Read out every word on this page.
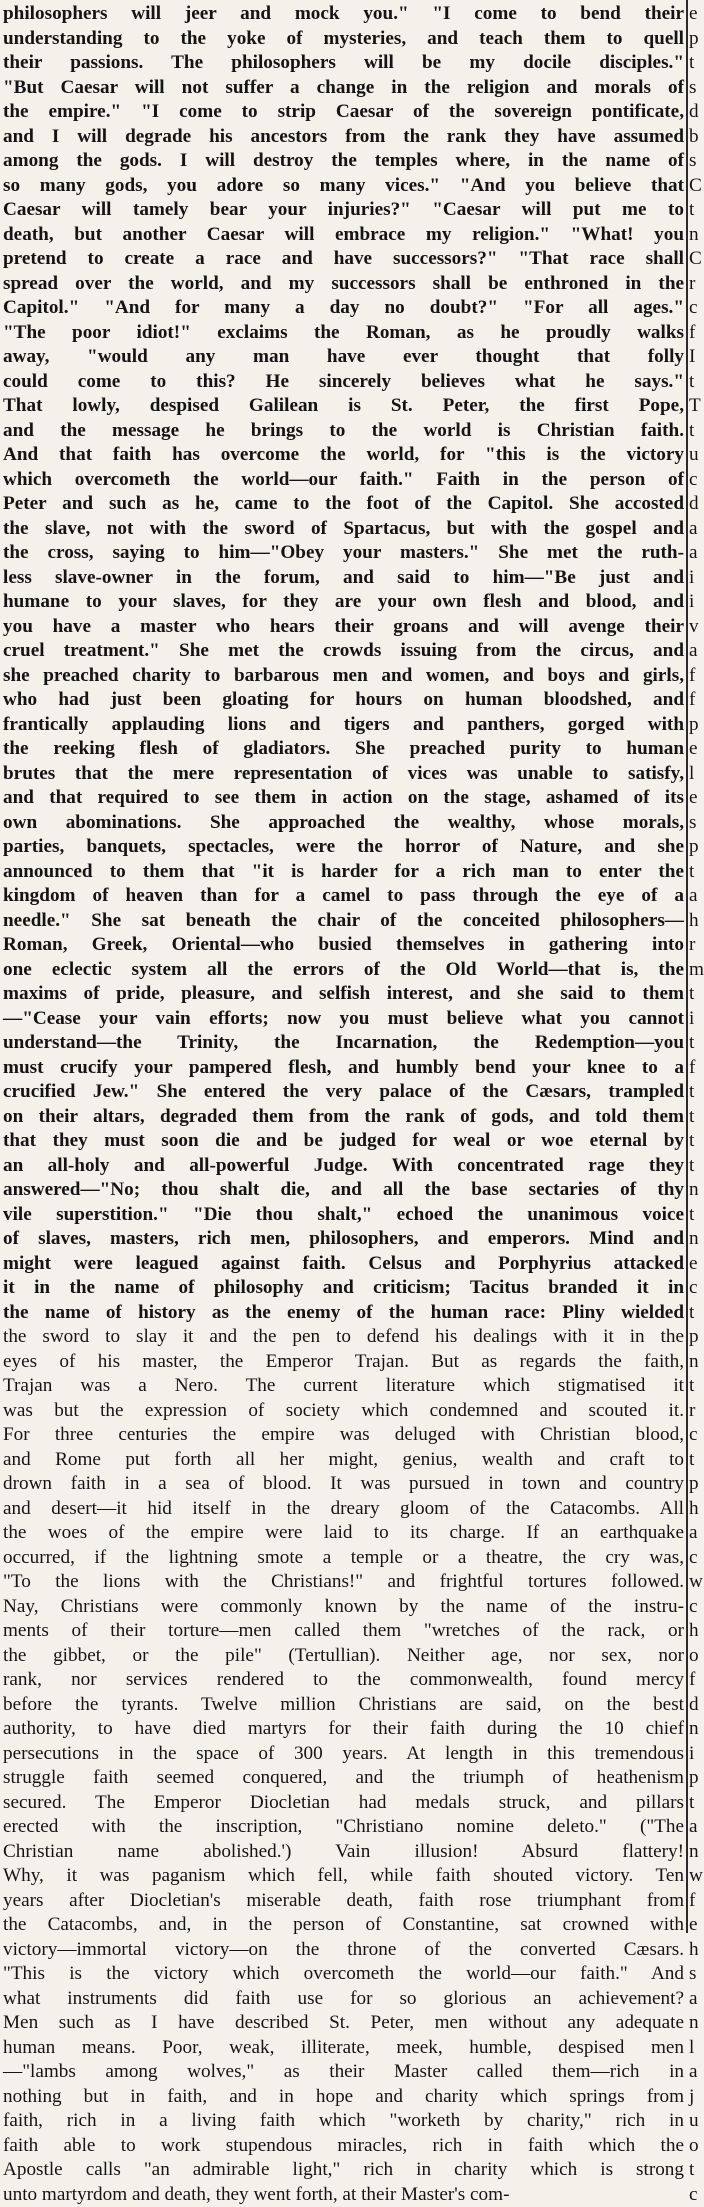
philosophers will jeer and mock you." "I come to bend their
understanding to the yoke of mysteries, and teach them to quell
their passions. The philosophers will be my docile disciples."
"But Caesar will not suffer a change in the religion and morals of
the empire." "I come to strip Caesar of the sovereign pontificate,
and I will degrade his ancestors from the rank they have assumed
among the gods. I will destroy the temples where, in the name of
so many gods, you adore so many vices." "And you believe that
Caesar will tamely bear your injuries?" "Caesar will put me to
death, but another Caesar will embrace my religion." "What! you
pretend to create a race and have successors?" "That race shall
spread over the world, and my successors shall be enthroned in the
Capitol." "And for many a day no doubt?" "For all ages."
"The poor idiot!" exclaims the Roman, as he proudly walks
away, "would any man have ever thought that folly
could come to this? He sincerely believes what he says."
That lowly, despised Galilean is St. Peter, the first Pope,
and the message he brings to the world is Christian faith.
And that faith has overcome the world, for "this is the victory
which overcometh the world—our faith." Faith in the person of
Peter and such as he, came to the foot of the Capitol. She accosted
the slave, not with the sword of Spartacus, but with the gospel and
the cross, saying to him—"Obey your masters." She met the ruth-
less slave-owner in the forum, and said to him—"Be just and
humane to your slaves, for they are your own flesh and blood, and
you have a master who hears their groans and will avenge their
cruel treatment." She met the crowds issuing from the circus, and
she preached charity to barbarous men and women, and boys and girls,
who had just been gloating for hours on human bloodshed, and
frantically applauding lions and tigers and panthers, gorged with
the reeking flesh of gladiators. She preached purity to human
brutes that the mere representation of vices was unable to satisfy,
and that required to see them in action on the stage, ashamed of its
own abominations. She approached the wealthy, whose morals,
parties, banquets, spectacles, were the horror of Nature, and she
announced to them that "it is harder for a rich man to enter the
kingdom of heaven than for a camel to pass through the eye of a
needle." She sat beneath the chair of the conceited philosophers—
Roman, Greek, Oriental—who busied themselves in gathering into
one eclectic system all the errors of the Old World—that is, the
maxims of pride, pleasure, and selfish interest, and she said to them
—"Cease your vain efforts; now you must believe what you cannot
understand—the Trinity, the Incarnation, the Redemption—you
must crucify your pampered flesh, and humbly bend your knee to a
crucified Jew." She entered the very palace of the Cæsars, trampled
on their altars, degraded them from the rank of gods, and told them
that they must soon die and be judged for weal or woe eternal by
an all-holy and all-powerful Judge. With concentrated rage they
answered—"No; thou shalt die, and all the base sectaries of thy
vile superstition." "Die thou shalt," echoed the unanimous voice
of slaves, masters, rich men, philosophers, and emperors. Mind and
might were leagued against faith. Celsus and Porphyrius attacked
it in the name of philosophy and criticism; Tacitus branded it in
the name of history as the enemy of the human race: Pliny wielded
the sword to slay it and the pen to defend his dealings with it in the
eyes of his master, the Emperor Trajan. But as regards the faith,
Trajan was a Nero. The current literature which stigmatised it
was but the expression of society which condemned and scouted it.
For three centuries the empire was deluged with Christian blood,
and Rome put forth all her might, genius, wealth and craft to
drown faith in a sea of blood. It was pursued in town and country
and desert—it hid itself in the dreary gloom of the Catacombs. All
the woes of the empire were laid to its charge. If an earthquake
occurred, if the lightning smote a temple or a theatre, the cry was,
"To the lions with the Christians!" and frightful tortures followed.
Nay, Christians were commonly known by the name of the instru-
ments of their torture—men called them "wretches of the rack, or
the gibbet, or the pile" (Tertullian). Neither age, nor sex, nor
rank, nor services rendered to the commonwealth, found mercy
before the tyrants. Twelve million Christians are said, on the best
authority, to have died martyrs for their faith during the 10 chief
persecutions in the space of 300 years. At length in this tremendous
struggle faith seemed conquered, and the triumph of heathenism
secured. The Emperor Diocletian had medals struck, and pillars
erected with the inscription, "Christiano nomine deleto." ("The
Christian name abolished.') Vain illusion! Absurd flattery!
Why, it was paganism which fell, while faith shouted victory. Ten
years after Diocletian's miserable death, faith rose triumphant from
the Catacombs, and, in the person of Constantine, sat crowned with
victory—immortal victory—on the throne of the converted Cæsars.
"This is the victory which overcometh the world—our faith." And
what instruments did faith use for so glorious an achievement?
Men such as I have described St. Peter, men without any adequate
human means. Poor, weak, illiterate, meek, humble, despised men
—"lambs among wolves," as their Master called them—rich in
nothing but in faith, and in hope and charity which springs from
faith, rich in a living faith which "worketh by charity," rich in
faith able to work stupendous miracles, rich in faith which the
Apostle calls "an admirable light," rich in charity which is strong
unto martyrdom and death, they went forth, at their Master's com-
e
p
t
s
d
b
s
C
t
n
C
r
c
f
I
t
T
t
u
c
d
a
a
i
i
v
a
f
f
p
e
l
e
s
p
t
a
h
r
m
t
i
t
f
t
t
t
t
n
t
n
e
c
t
p
n
t
r
c
t
p
h
a
c
w
c
h
o
f
d
n
i
p
t
a
n
w
f
e
h
s
a
n
l
a
j
u
o
t
c
